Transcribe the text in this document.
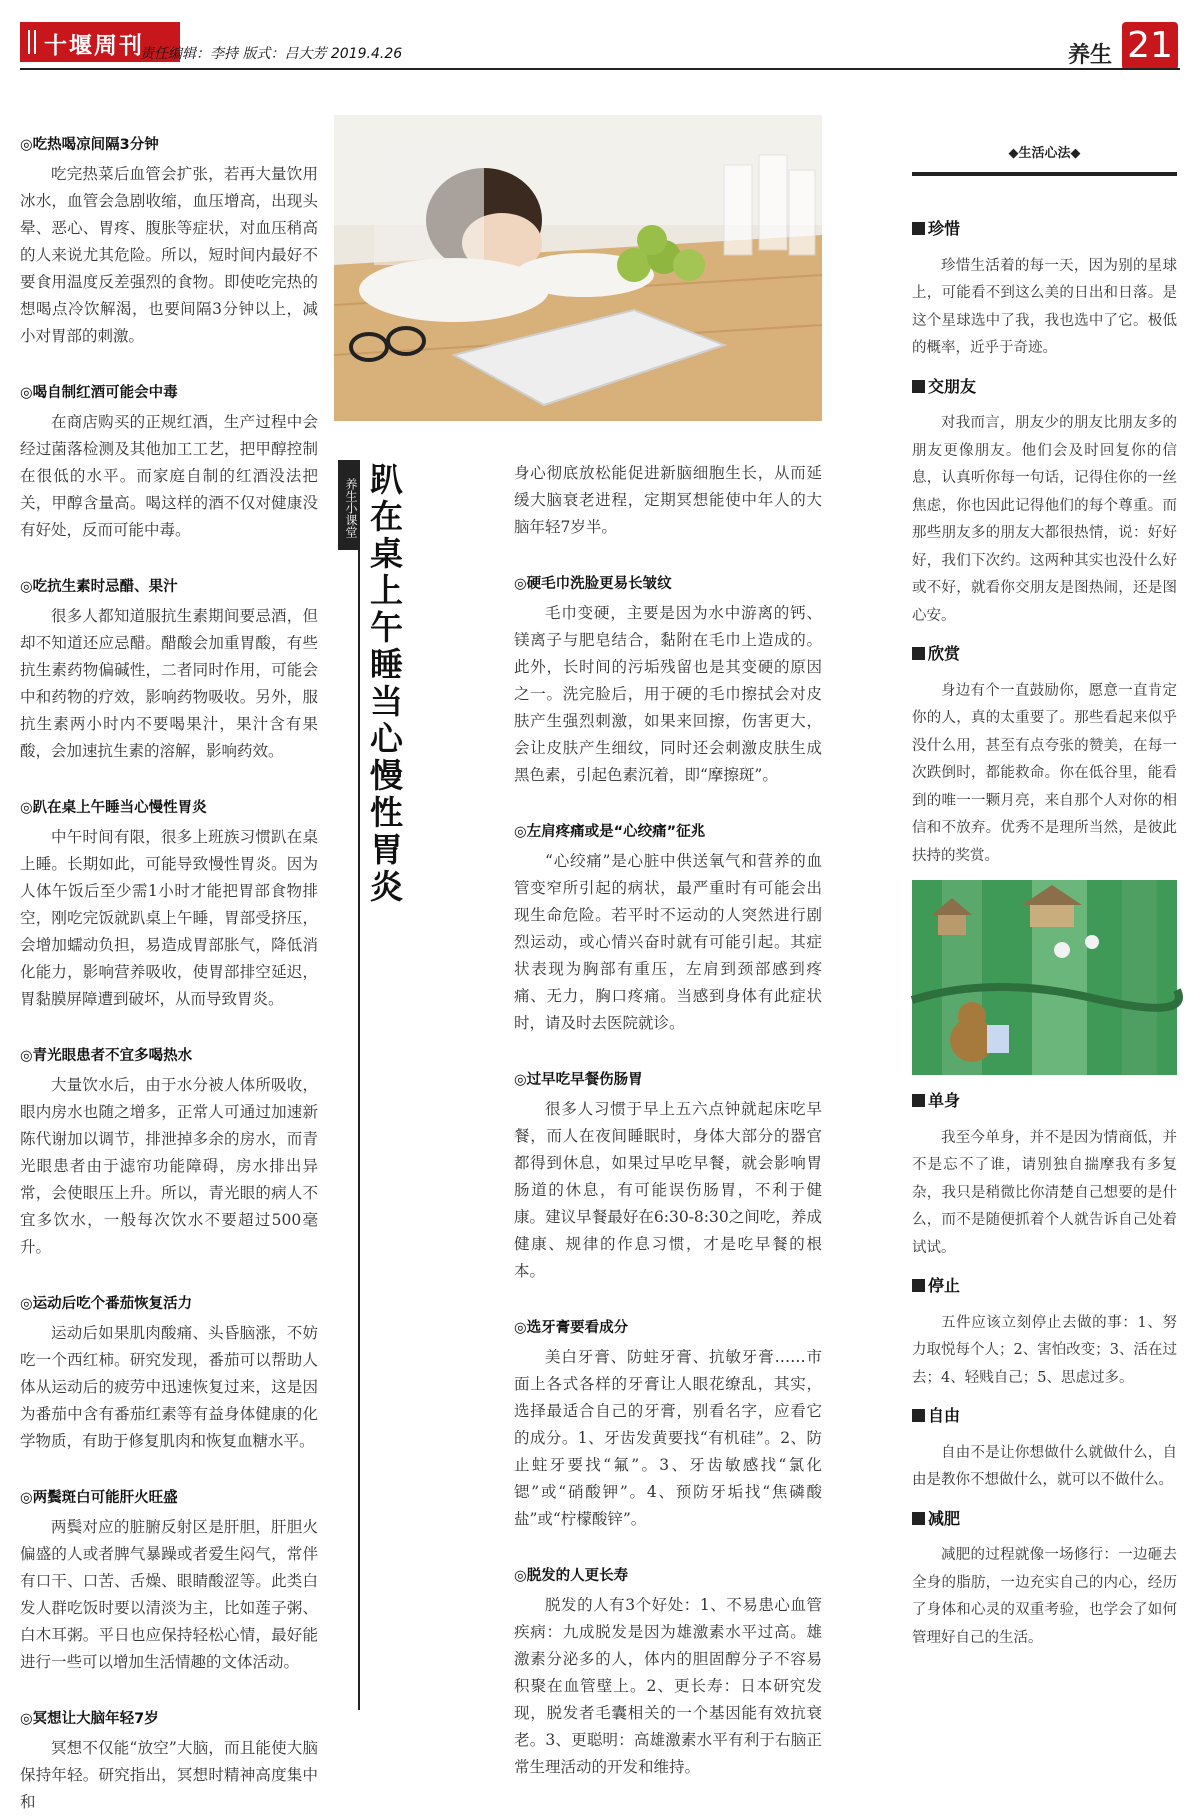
十堰周刊
责任编辑：李持 版式：吕大芳 2019.4.26	养生 21
◎吃热喝凉间隔3分钟
吃完热菜后血管会扩张，若再大量饮用冰水，血管会急剧收缩，血压增高，出现头晕、恶心、胃疼、腹胀等症状，对血压稍高的人来说尤其危险。所以，短时间内最好不要食用温度反差强烈的食物。即使吃完热的想喝点冷饮解渴，也要间隔3分钟以上，减小对胃部的刺激。
◎喝自制红酒可能会中毒
在商店购买的正规红酒，生产过程中会经过菌落检测及其他加工工艺，把甲醇控制在很低的水平。而家庭自制的红酒没法把关，甲醇含量高。喝这样的酒不仅对健康没有好处，反而可能中毒。
◎吃抗生素时忌醋、果汁
很多人都知道服抗生素期间要忌酒，但却不知道还应忌醋。醋酸会加重胃酸，有些抗生素药物偏碱性，二者同时作用，可能会中和药物的疗效，影响药物吸收。另外，服抗生素两小时内不要喝果汁，果汁含有果酸，会加速抗生素的溶解，影响药效。
◎趴在桌上午睡当心慢性胃炎
中午时间有限，很多上班族习惯趴在桌上睡。长期如此，可能导致慢性胃炎。因为人体午饭后至少需1小时才能把胃部食物排空，刚吃完饭就趴桌上午睡，胃部受挤压，会增加蠕动负担，易造成胃部胀气，降低消化能力，影响营养吸收，使胃部排空延迟，胃黏膜屏障遭到破坏，从而导致胃炎。
◎青光眼患者不宜多喝热水
大量饮水后，由于水分被人体所吸收，眼内房水也随之增多，正常人可通过加速新陈代谢加以调节，排泄掉多余的房水，而青光眼患者由于滤帘功能障碍，房水排出异常，会使眼压上升。所以，青光眼的病人不宜多饮水，一般每次饮水不要超过500毫升。
◎运动后吃个番茄恢复活力
运动后如果肌肉酸痛、头昏脑涨，不妨吃一个西红柿。研究发现，番茄可以帮助人体从运动后的疲劳中迅速恢复过来，这是因为番茄中含有番茄红素等有益身体健康的化学物质，有助于修复肌肉和恢复血糖水平。
◎两鬓斑白可能肝火旺盛
两鬓对应的脏腑反射区是肝胆，肝胆火偏盛的人或者脾气暴躁或者爱生闷气，常伴有口干、口苦、舌燥、眼睛酸涩等。此类白发人群吃饭时要以清淡为主，比如莲子粥、白木耳粥。平日也应保持轻松心情，最好能进行一些可以增加生活情趣的文体活动。
◎冥想让大脑年轻7岁
冥想不仅能“放空”大脑，而且能使大脑保持年轻。研究指出，冥想时精神高度集中和
养生小课堂 趴在桌上午睡当心慢性胃炎	身心彻底放松能促进新脑细胞生长，从而延缓大脑衰老进程，定期冥想能使中年人的大脑年轻7岁半。
◎硬毛巾洗脸更易长皱纹
毛巾变硬，主要是因为水中游离的钙、镁离子与肥皂结合，黏附在毛巾上造成的。此外，长时间的污垢残留也是其变硬的原因之一。洗完脸后，用于硬的毛巾擦拭会对皮肤产生强烈刺激，如果来回擦，伤害更大，会让皮肤产生细纹，同时还会刺激皮肤生成黑色素，引起色素沉着，即“摩擦斑”。
◎左肩疼痛或是“心绞痛”征兆
“心绞痛”是心脏中供送氧气和营养的血管变窄所引起的病状，最严重时有可能会出现生命危险。若平时不运动的人突然进行剧烈运动，或心情兴奋时就有可能引起。其症状表现为胸部有重压，左肩到颈部感到疼痛、无力，胸口疼痛。当感到身体有此症状时，请及时去医院就诊。
◎过早吃早餐伤肠胃
很多人习惯于早上五六点钟就起床吃早餐，而人在夜间睡眠时，身体大部分的器官都得到休息，如果过早吃早餐，就会影响胃肠道的休息，有可能误伤肠胃，不利于健康。建议早餐最好在6:30-8:30之间吃，养成健康、规律的作息习惯，才是吃早餐的根本。
◎选牙膏要看成分
美白牙膏、防蛀牙膏、抗敏牙膏……市面上各式各样的牙膏让人眼花缭乱，其实，选择最适合自己的牙膏，别看名字，应看它的成分。1、牙齿发黄要找“有机硅”。2、防止蛀牙要找“氟”。3、牙齿敏感找“氯化锶”或“硝酸钾”。4、预防牙垢找“焦磷酸盐”或“柠檬酸锌”。
◎脱发的人更长寿
脱发的人有3个好处：1、不易患心血管疾病：九成脱发是因为雄激素水平过高。雄激素分泌多的人，体内的胆固醇分子不容易积聚在血管壁上。2、更长寿：日本研究发现，脱发者毛囊相关的一个基因能有效抗衰老。3、更聪明：高雄激素水平有利于右脑正常生理活动的开发和维持。
◆生活心法◆
珍惜
珍惜生活着的每一天，因为别的星球上，可能看不到这么美的日出和日落。是这个星球选中了我，我也选中了它。极低的概率，近乎于奇迹。
交朋友
对我而言，朋友少的朋友比朋友多的朋友更像朋友。他们会及时回复你的信息，认真听你每一句话，记得住你的一丝焦虑，你也因此记得他们的每个尊重。而那些朋友多的朋友大都很热情，说：好好好，我们下次约。这两种其实也没什么好或不好，就看你交朋友是图热闹，还是图心安。
欣赏
身边有个一直鼓励你，愿意一直肯定你的人，真的太重要了。那些看起来似乎没什么用，甚至有点夸张的赞美，在每一次跌倒时，都能救命。你在低谷里，能看到的唯一一颗月亮，来自那个人对你的相信和不放弃。优秀不是理所当然，是彼此扶持的奖赏。
单身
我至今单身，并不是因为情商低，并不是忘不了谁，请别独自揣摩我有多复杂，我只是稍微比你清楚自己想要的是什么，而不是随便抓着个人就告诉自己处着试试。
停止
五件应该立刻停止去做的事：1、努力取悦每个人；2、害怕改变；3、活在过去；4、轻贱自己；5、思虑过多。
自由
自由不是让你想做什么就做什么，自由是教你不想做什么，就可以不做什么。
减肥
减肥的过程就像一场修行：一边砸去全身的脂肪，一边充实自己的内心，经历了身体和心灵的双重考验，也学会了如何管理好自己的生活。
